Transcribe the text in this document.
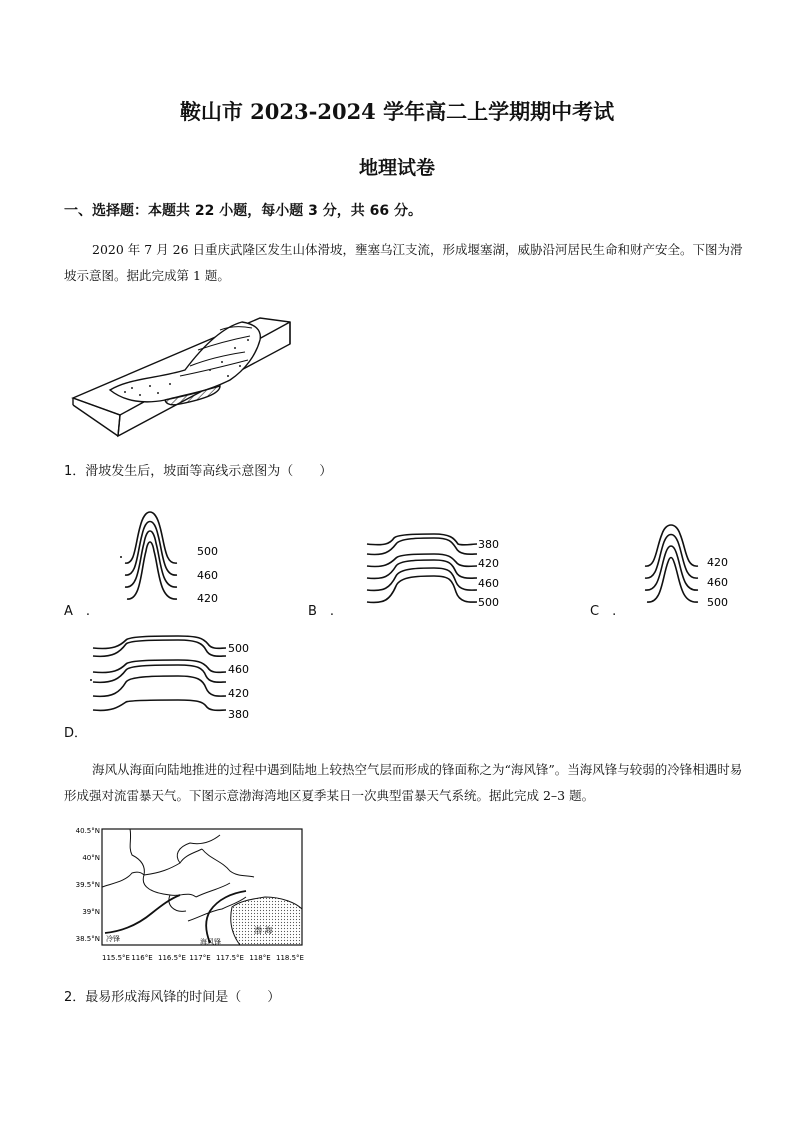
鞍山市 2023-2024 学年高二上学期期中考试
地理试卷
一、选择题：本题共 22 小题，每小题 3 分，共 66 分。
2020 年 7 月 26 日重庆武隆区发生山体滑坡，壅塞乌江支流，形成堰塞湖，威胁沿河居民生命和财产安全。下图为滑坡示意图。据此完成第 1 题。
1．滑坡发生后，坡面等高线示意图为（　　）
A　.
500
460
420
B　.
380
420
460
500
C　.
420
460
500
D．
500
460
420
380
海风从海面向陆地推进的过程中遇到陆地上较热空气层而形成的锋面称之为“海风锋”。当海风锋与较弱的冷锋相遇时易形成强对流雷暴天气。下图示意渤海湾地区夏季某日一次典型雷暴天气系统。据此完成 2–3 题。
冷锋	海风锋
渤 海
40.5°N
40°N
39.5°N
39°N
38.5°N
115.5°E 116°E 116.5°E 117°E 117.5°E 118°E 118.5°E
2．最易形成海风锋的时间是（　　）
